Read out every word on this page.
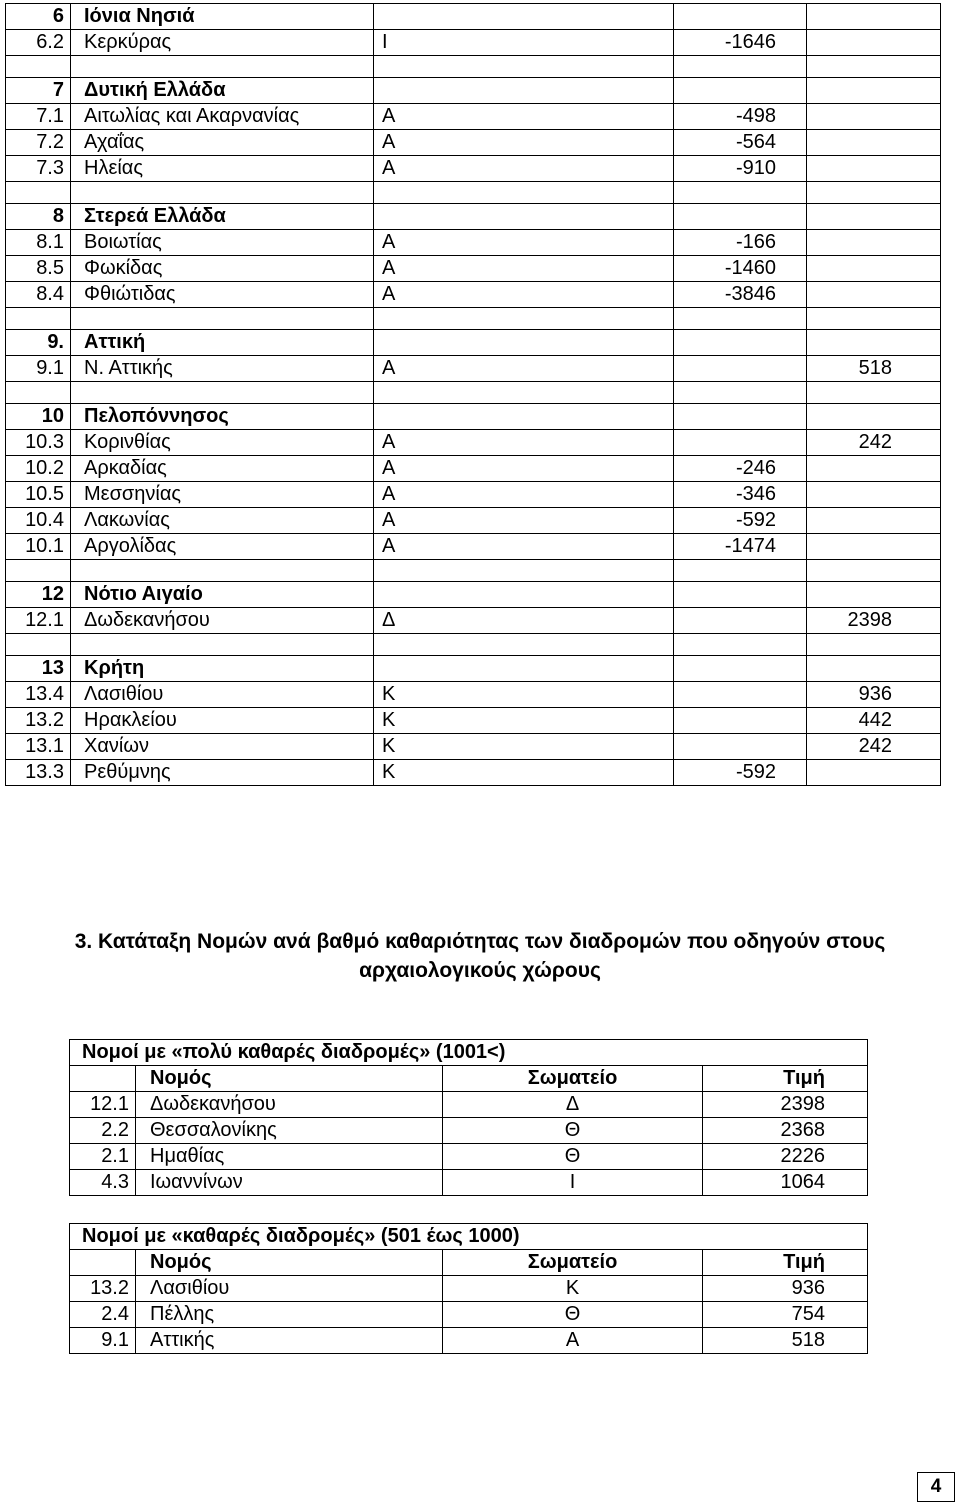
6	Ιόνια Νησιά			
6.2	Κερκύρας	Ι	-1646	

7	Δυτική Ελλάδα			
7.1	Αιτωλίας και Ακαρνανίας	Α	-498	
7.2	Αχαΐας	Α	-564	
7.3	Ηλείας	Α	-910	

8	Στερεά Ελλάδα			
8.1	Βοιωτίας	Α	-166	
8.5	Φωκίδας	Α	-1460	
8.4	Φθιώτιδας	Α	-3846	

9.	Αττική			
9.1	Ν. Αττικής	Α		518

10	Πελοπόννησος			
10.3	Κορινθίας	Α		242
10.2	Αρκαδίας	Α	-246	
10.5	Μεσσηνίας	Α	-346	
10.4	Λακωνίας	Α	-592	
10.1	Αργολίδας	Α	-1474	

12	Νότιο Αιγαίο			
12.1	Δωδεκανήσου	Δ		2398

13	Κρήτη			
13.4	Λασιθίου	Κ		936
13.2	Ηρακλείου	Κ		442
13.1	Χανίων	Κ		242
13.3	Ρεθύμνης	Κ	-592	
3. Κατάταξη Νομών ανά βαθμό καθαριότητας των διαδρομών που οδηγούν στους αρχαιολογικούς χώρους
Νομοί με «πολύ καθαρές διαδρομές» (1001<)			
	Νομός	Σωματείο	Τιμή
12.1	Δωδεκανήσου	Δ	2398
2.2	Θεσσαλονίκης	Θ	2368
2.1	Ημαθίας	Θ	2226
4.3	Ιωαννίνων	Ι	1064
Νομοί με «καθαρές διαδρομές» (501 έως 1000)			
	Νομός	Σωματείο	Τιμή
13.2	Λασιθίου	Κ	936
2.4	Πέλλης	Θ	754
9.1	Αττικής	Α	518
4
